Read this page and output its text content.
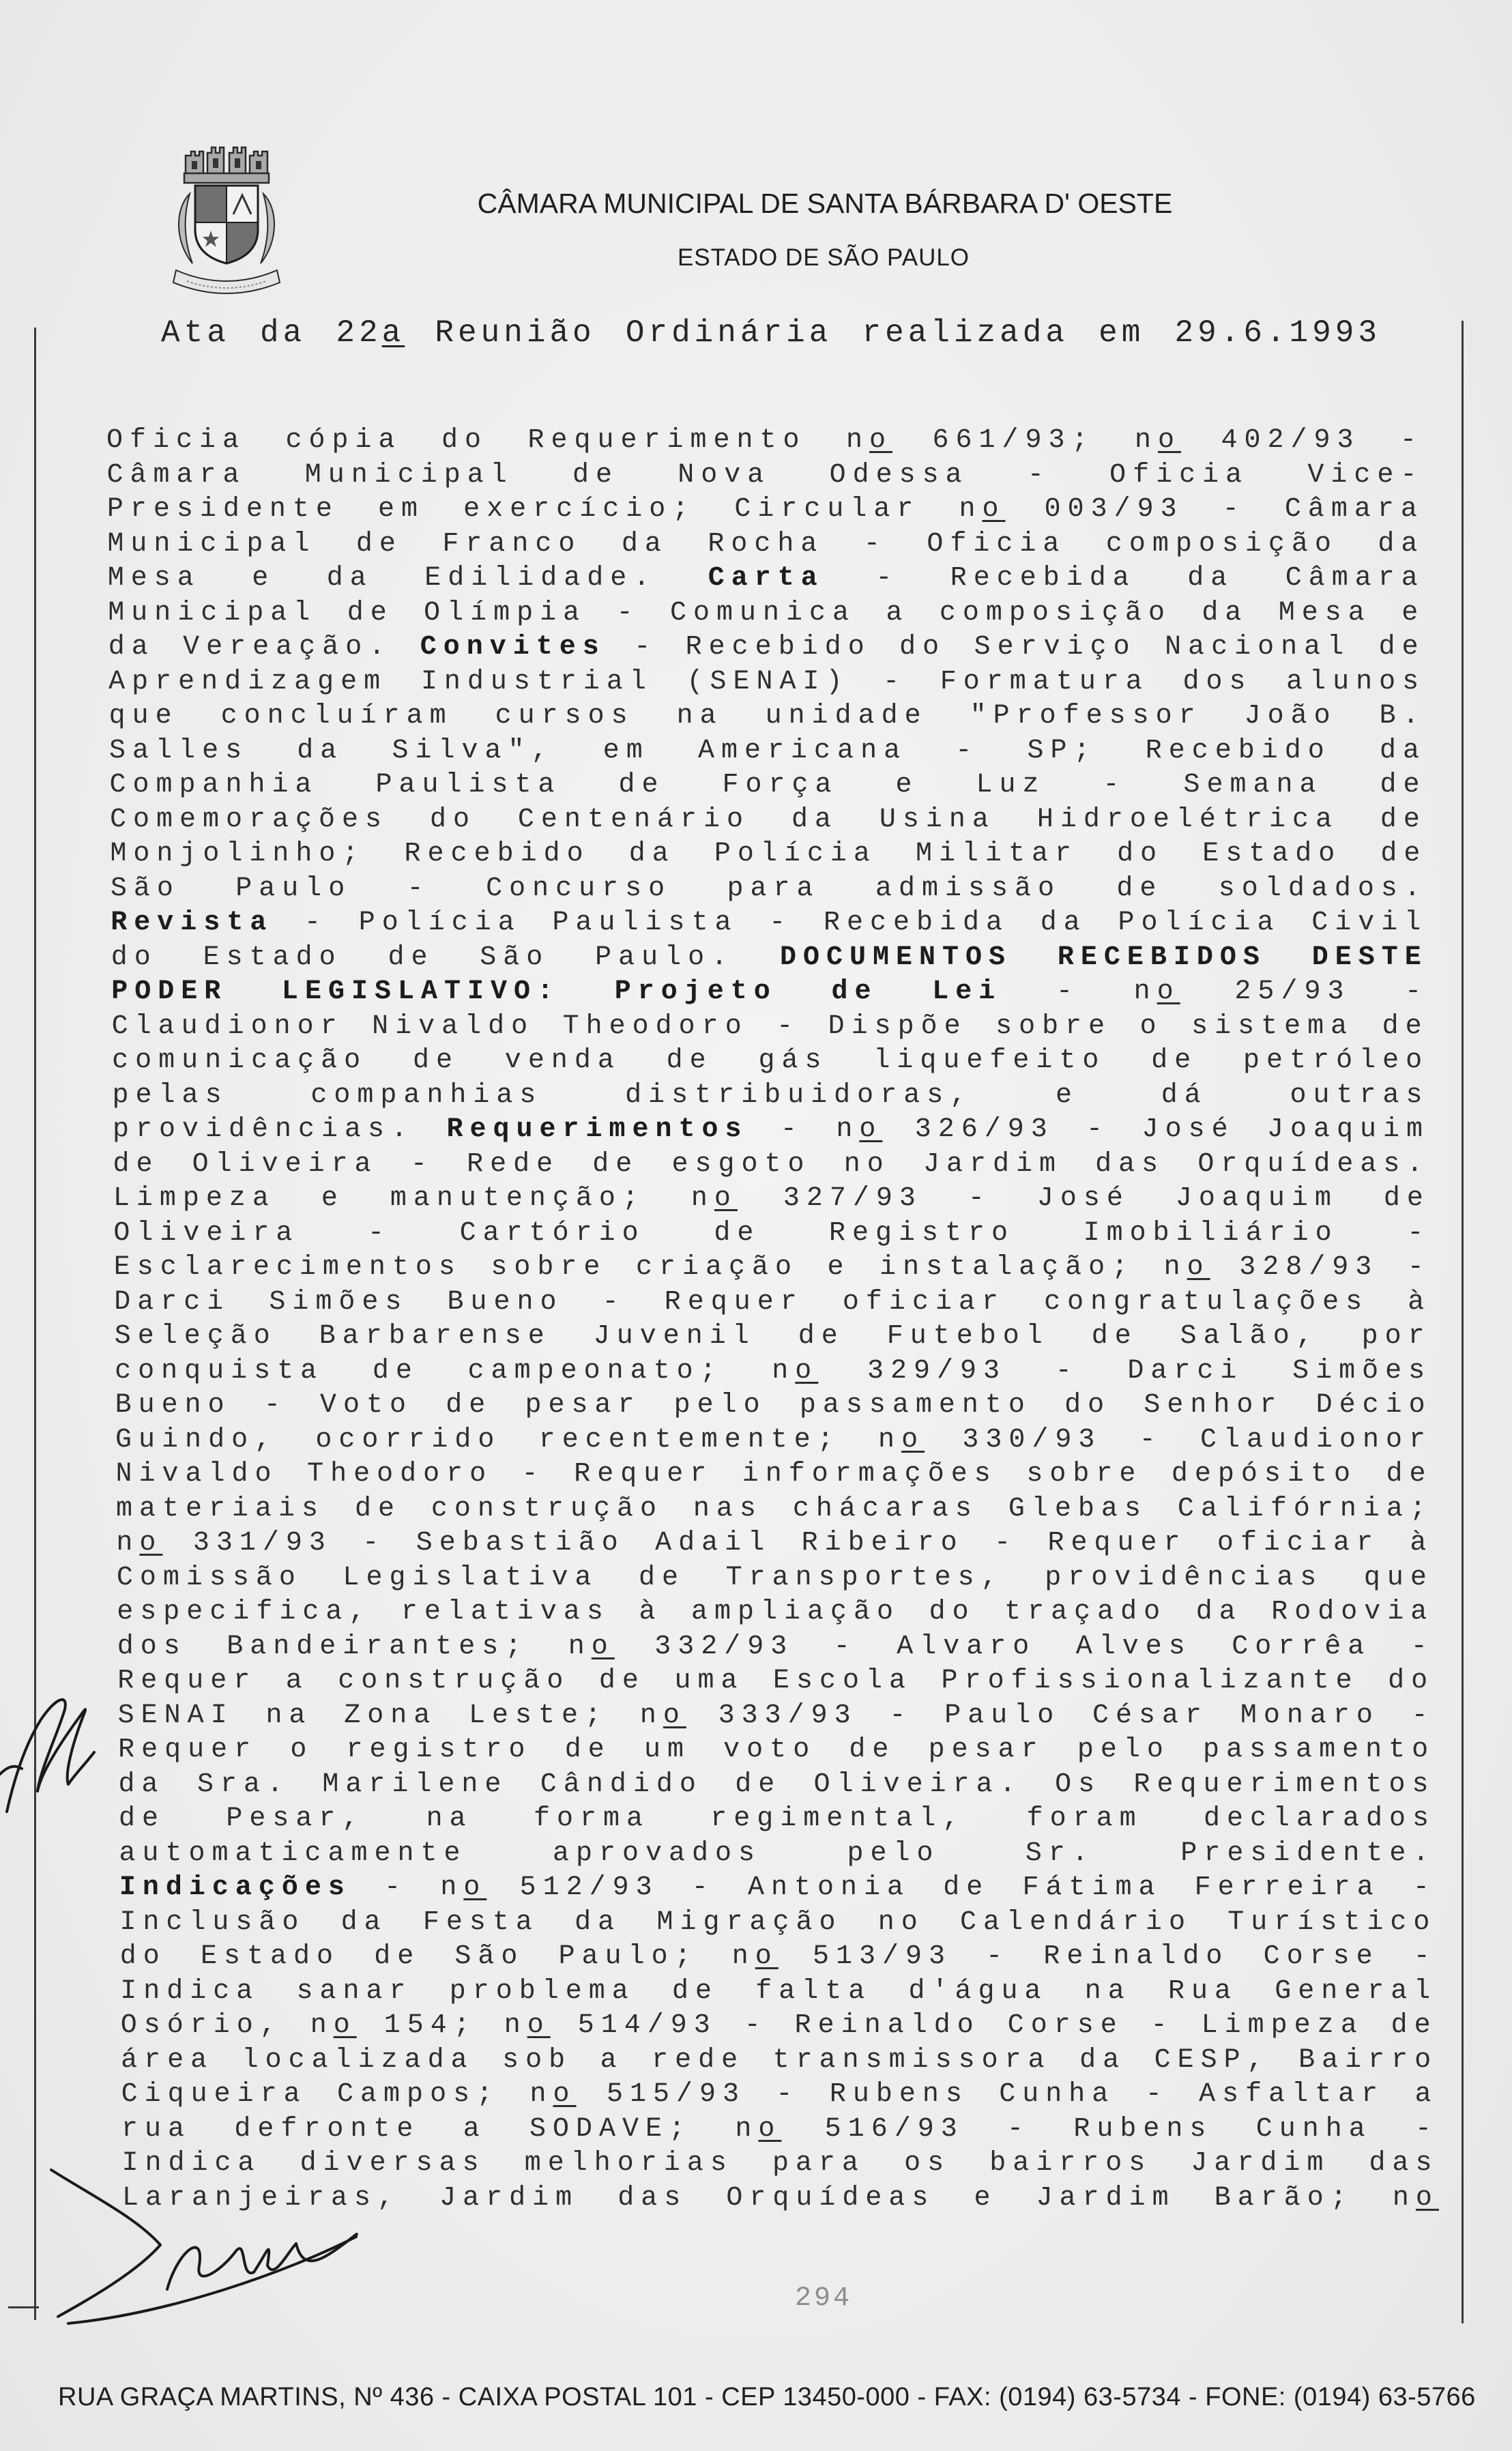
CÂMARA MUNICIPAL DE SANTA BÁRBARA D' OESTE
ESTADO DE SÃO PAULO
Ata da 22a Reunião Ordinária realizada em 29.6.1993
Oficia cópia do Requerimento no 661/93; no 402/93 -
Câmara Municipal de Nova Odessa - Oficia Vice-
Presidente em exercício; Circular no 003/93 - Câmara
Municipal de Franco da Rocha - Oficia composição da
Mesa e da Edilidade. Carta - Recebida da Câmara
Municipal de Olímpia - Comunica a composição da Mesa e
da Vereação. Convites - Recebido do Serviço Nacional de
Aprendizagem Industrial (SENAI) - Formatura dos alunos
que concluíram cursos na unidade "Professor João B.
Salles da Silva", em Americana - SP; Recebido da
Companhia Paulista de Força e Luz - Semana de
Comemorações do Centenário da Usina Hidroelétrica de
Monjolinho; Recebido da Polícia Militar do Estado de
São Paulo - Concurso para admissão de soldados.
Revista - Polícia Paulista - Recebida da Polícia Civil
do Estado de São Paulo. DOCUMENTOS RECEBIDOS DESTE
PODER LEGISLATIVO: Projeto de Lei - no 25/93 -
Claudionor Nivaldo Theodoro - Dispõe sobre o sistema de
comunicação de venda de gás liquefeito de petróleo
pelas companhias distribuidoras, e dá outras
providências. Requerimentos - no 326/93 - José Joaquim
de Oliveira - Rede de esgoto no Jardim das Orquídeas.
Limpeza e manutenção; no 327/93 - José Joaquim de
Oliveira - Cartório de Registro Imobiliário -
Esclarecimentos sobre criação e instalação; no 328/93 -
Darci Simões Bueno - Requer oficiar congratulações à
Seleção Barbarense Juvenil de Futebol de Salão, por
conquista de campeonato; no 329/93 - Darci Simões
Bueno - Voto de pesar pelo passamento do Senhor Décio
Guindo, ocorrido recentemente; no 330/93 - Claudionor
Nivaldo Theodoro - Requer informações sobre depósito de
materiais de construção nas chácaras Glebas Califórnia;
no 331/93 - Sebastião Adail Ribeiro - Requer oficiar à
Comissão Legislativa de Transportes, providências que
especifica, relativas à ampliação do traçado da Rodovia
dos Bandeirantes; no 332/93 - Alvaro Alves Corrêa -
Requer a construção de uma Escola Profissionalizante do
SENAI na Zona Leste; no 333/93 - Paulo César Monaro -
Requer o registro de um voto de pesar pelo passamento
da Sra. Marilene Cândido de Oliveira. Os Requerimentos
de Pesar, na forma regimental, foram declarados
automaticamente aprovados pelo Sr. Presidente.
Indicações - no 512/93 - Antonia de Fátima Ferreira -
Inclusão da Festa da Migração no Calendário Turístico
do Estado de São Paulo; no 513/93 - Reinaldo Corse -
Indica sanar problema de falta d'água na Rua General
Osório, no 154; no 514/93 - Reinaldo Corse - Limpeza de
área localizada sob a rede transmissora da CESP, Bairro
Ciqueira Campos; no 515/93 - Rubens Cunha - Asfaltar a
rua defronte a SODAVE; no 516/93 - Rubens Cunha -
Indica diversas melhorias para os bairros Jardim das
Laranjeiras, Jardim das Orquídeas e Jardim Barão; no
294
RUA GRAÇA MARTINS, Nº 436 - CAIXA POSTAL 101 - CEP 13450-000 - FAX: (0194) 63-5734 - FONE: (0194) 63-5766
